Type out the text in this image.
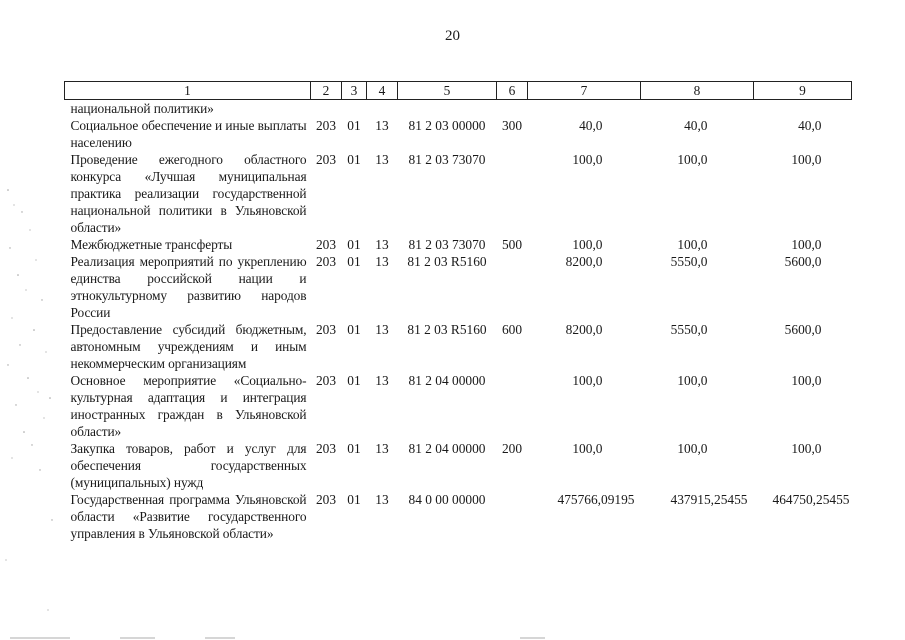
20
1	2	3	4	5	6	7	8	9
национальной политики»								
Социальное обеспечение и иные выплаты населению	203	01	13	81 2 03 00000	300	40,0	40,0	40,0
Проведение ежегодного областного конкурса «Лучшая муниципальная практика реализации государственной национальной политики в Ульяновской области»	203	01	13	81 2 03 73070		100,0	100,0	100,0
Межбюджетные трансферты	203	01	13	81 2 03 73070	500	100,0	100,0	100,0
Реализация мероприятий по укреплению единства российской нации и этнокультурному развитию народов России	203	01	13	81 2 03 R5160		8200,0	5550,0	5600,0
Предоставление субсидий бюджетным, автономным учреждениям и иным некоммерческим организациям	203	01	13	81 2 03 R5160	600	8200,0	5550,0	5600,0
Основное мероприятие «Социально-культурная адаптация и интеграция иностранных граждан в Ульяновской области»	203	01	13	81 2 04 00000		100,0	100,0	100,0
Закупка товаров, работ и услуг для обеспечения государственных (муниципальных) нужд	203	01	13	81 2 04 00000	200	100,0	100,0	100,0
Государственная программа Ульяновской области «Развитие государственного управления в Ульяновской области»	203	01	13	84 0 00 00000		475766,09195	437915,25455	464750,25455
